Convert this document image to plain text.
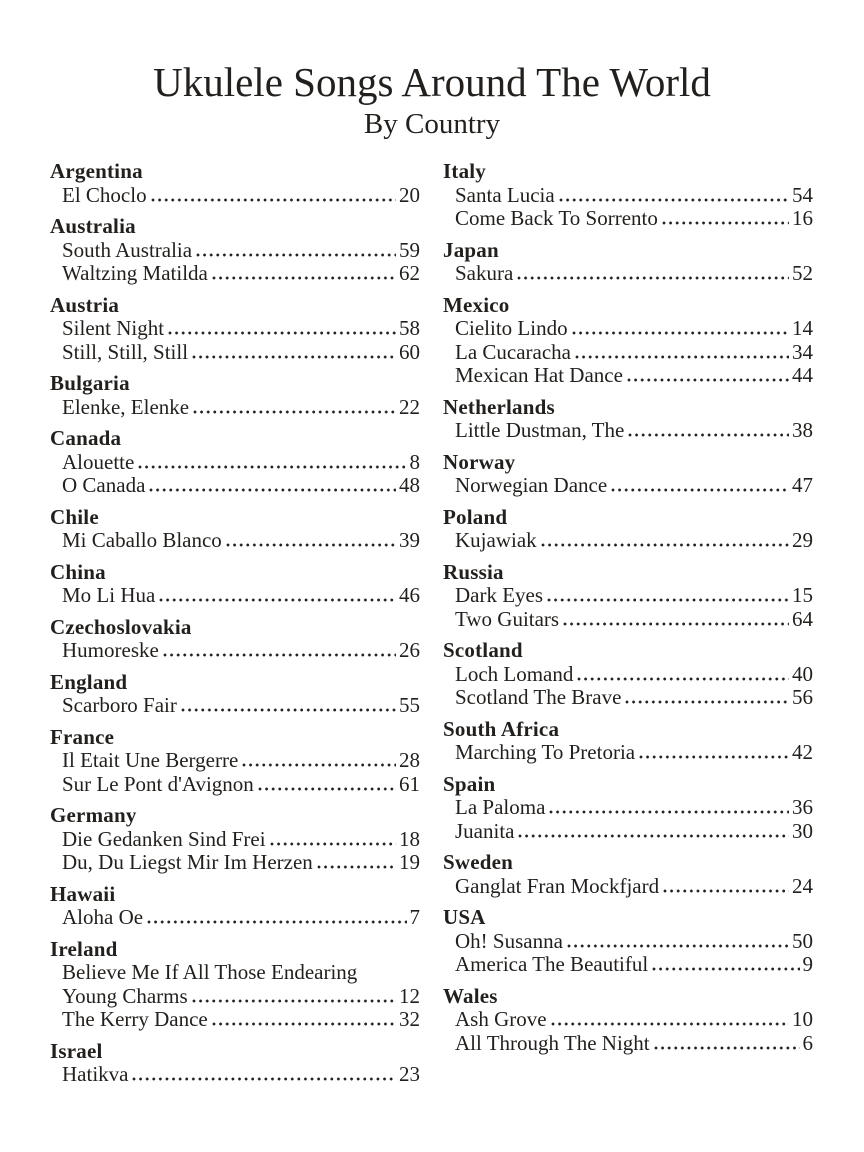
Ukulele Songs Around The World
By Country
Argentina
El Choclo	20
Australia
South Australia	59
Waltzing Matilda	62
Austria
Silent Night	58
Still, Still, Still	60
Bulgaria
Elenke, Elenke	22
Canada
Alouette	8
O Canada	48
Chile
Mi Caballo Blanco	39
China
Mo Li Hua	46
Czechoslovakia
Humoreske	26
England
Scarboro Fair	55
France
Il Etait Une Bergerre	28
Sur Le Pont d'Avignon	61
Germany
Die Gedanken Sind Frei	18
Du, Du Liegst Mir Im Herzen	19
Hawaii
Aloha Oe	7
Ireland
Believe Me If All Those Endearing
Young Charms	12
The Kerry Dance	32
Israel
Hatikva	23
Italy
Santa Lucia	54
Come Back To Sorrento	16
Japan
Sakura	52
Mexico
Cielito Lindo	14
La Cucaracha	34
Mexican Hat Dance	44
Netherlands
Little Dustman, The	38
Norway
Norwegian Dance	47
Poland
Kujawiak	29
Russia
Dark Eyes	15
Two Guitars	64
Scotland
Loch Lomand	40
Scotland The Brave	56
South Africa
Marching To Pretoria	42
Spain
La Paloma	36
Juanita	30
Sweden
Ganglat Fran Mockfjard	24
USA
Oh! Susanna	50
America The Beautiful	9
Wales
Ash Grove	10
All Through The Night	6
